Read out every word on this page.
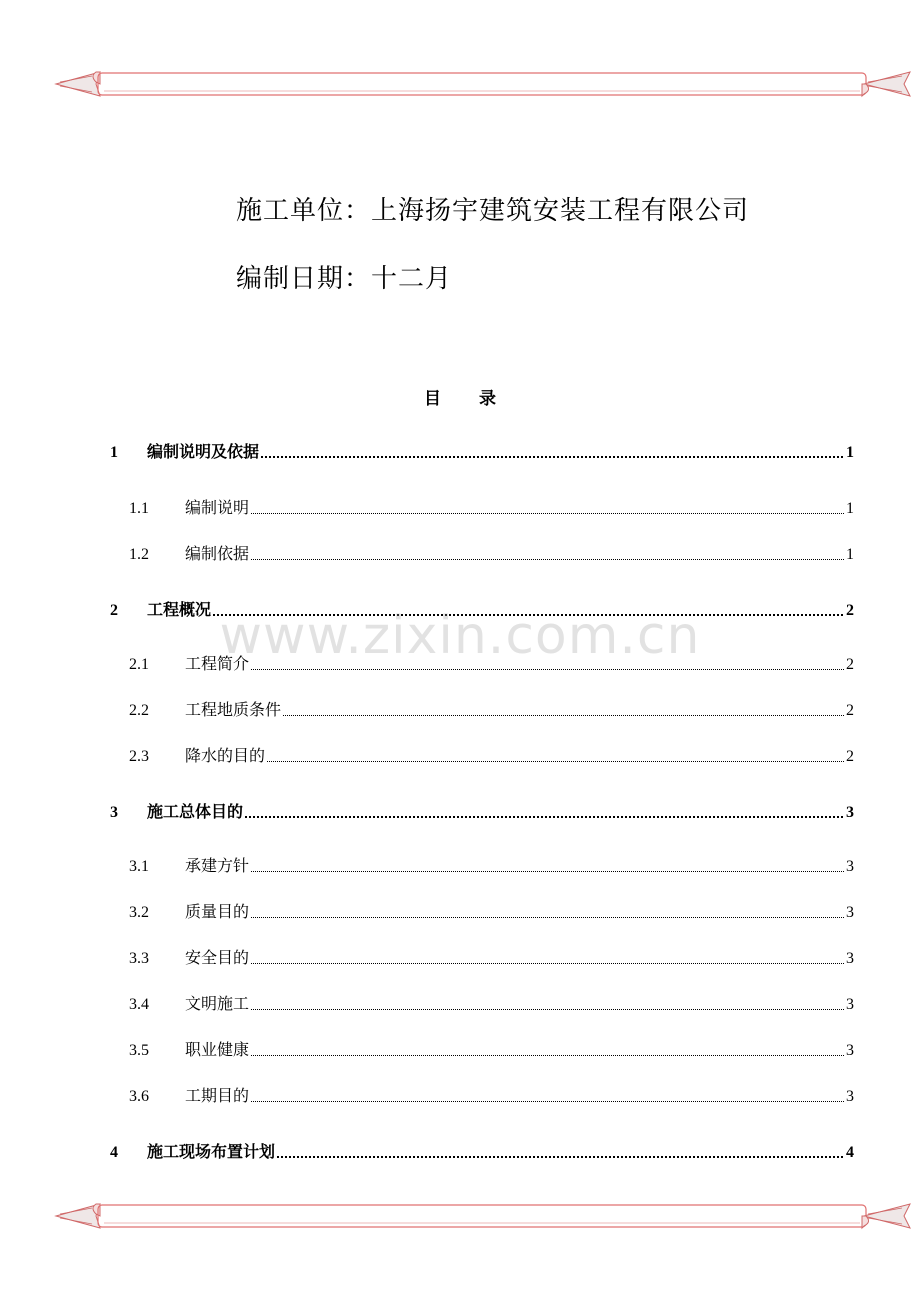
施工单位：上海扬宇建筑安装工程有限公司
编制日期：十二月
目录
1 编制说明及依据	1
1.1 编制说明	1
1.2 编制依据	1
2 工程概况	2
2.1 工程简介	2
2.2 工程地质条件	2
2.3 降水的目的	2
3 施工总体目的	3
3.1 承建方针	3
3.2 质量目的	3
3.3 安全目的	3
3.4 文明施工	3
3.5 职业健康	3
3.6 工期目的	3
4 施工现场布置计划	4
www.zixin.com.cn
